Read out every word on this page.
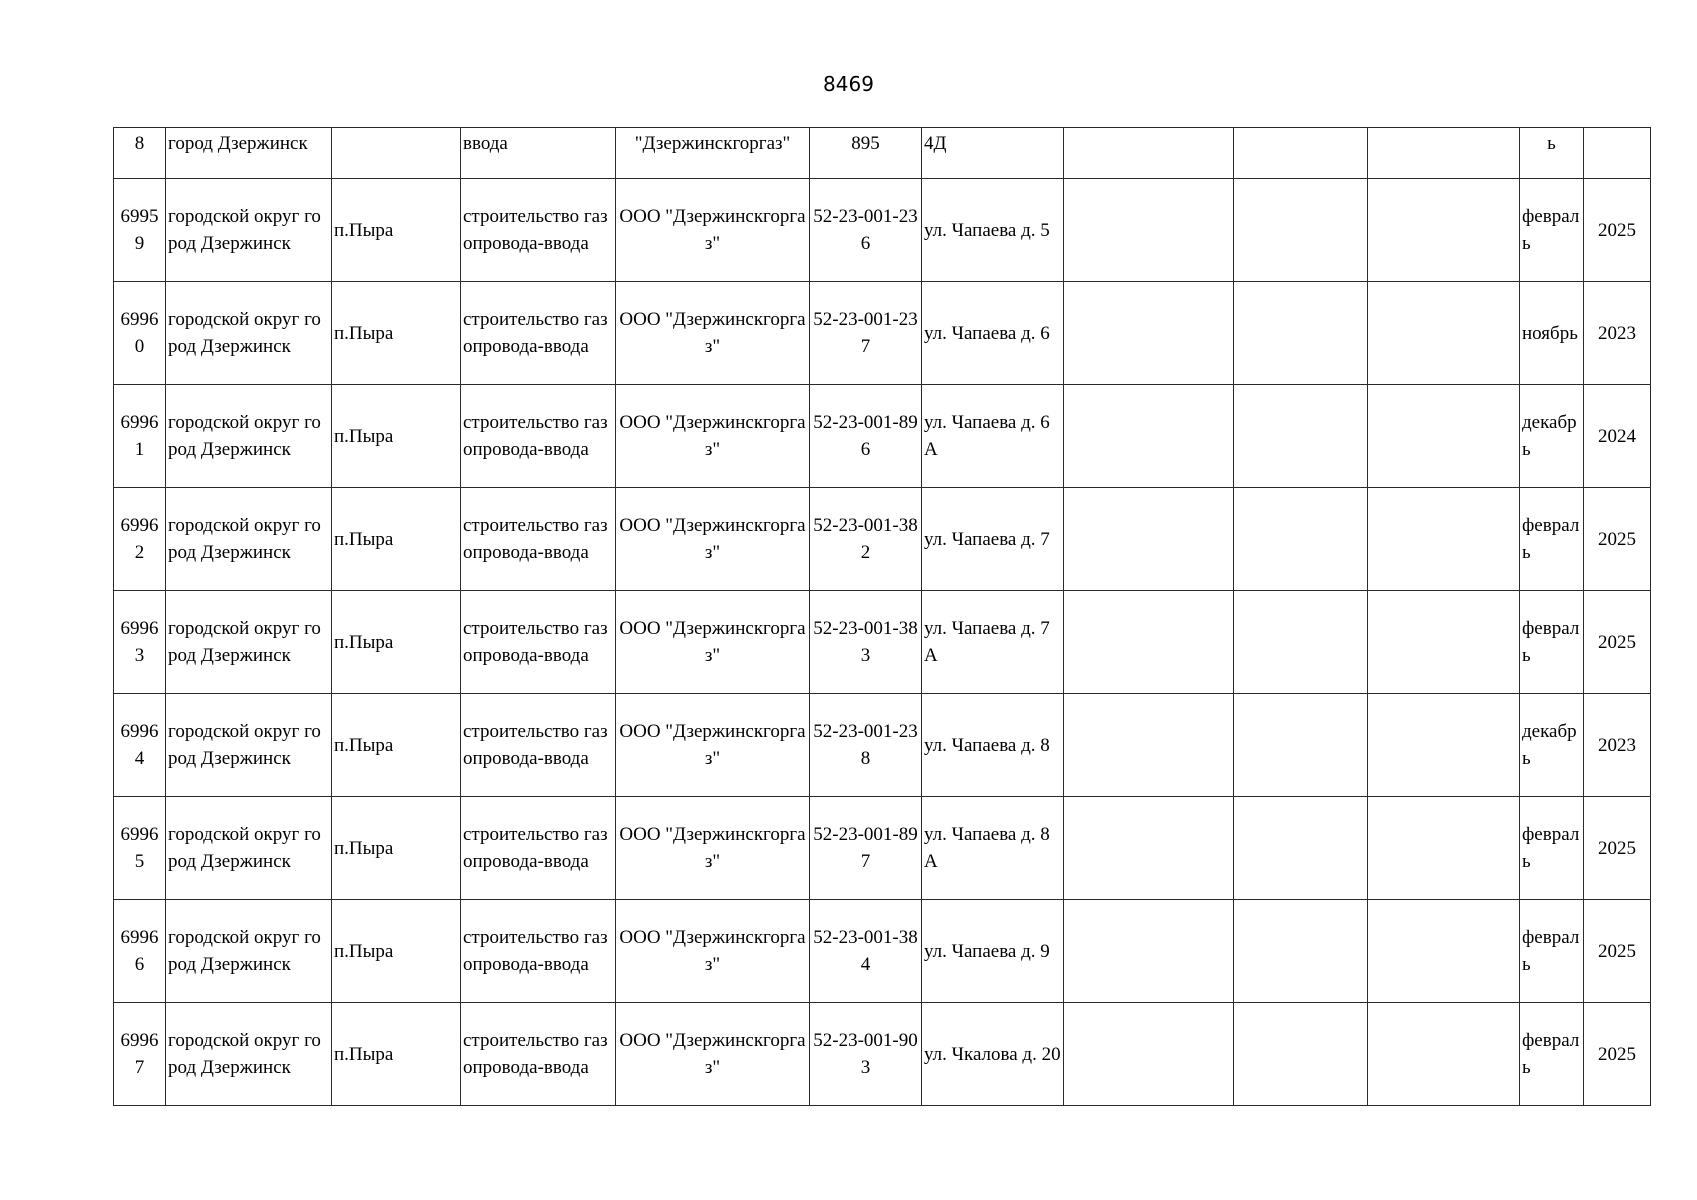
8469
8	город Дзержинск		ввода	"Дзержинскгоргаз"	895	4Д				ь	
69959	городской округ город Дзержинск	п.Пыра	строительство газопровода-ввода	ООО "Дзержинскгоргаз"	52-23-001-236	ул. Чапаева д. 5				февраль	2025
69960	городской округ город Дзержинск	п.Пыра	строительство газопровода-ввода	ООО "Дзержинскгоргаз"	52-23-001-237	ул. Чапаева д. 6				ноябрь	2023
69961	городской округ город Дзержинск	п.Пыра	строительство газопровода-ввода	ООО "Дзержинскгоргаз"	52-23-001-896	ул. Чапаева д. 6А				декабрь	2024
69962	городской округ город Дзержинск	п.Пыра	строительство газопровода-ввода	ООО "Дзержинскгоргаз"	52-23-001-382	ул. Чапаева д. 7				февраль	2025
69963	городской округ город Дзержинск	п.Пыра	строительство газопровода-ввода	ООО "Дзержинскгоргаз"	52-23-001-383	ул. Чапаева д. 7А				февраль	2025
69964	городской округ город Дзержинск	п.Пыра	строительство газопровода-ввода	ООО "Дзержинскгоргаз"	52-23-001-238	ул. Чапаева д. 8				декабрь	2023
69965	городской округ город Дзержинск	п.Пыра	строительство газопровода-ввода	ООО "Дзержинскгоргаз"	52-23-001-897	ул. Чапаева д. 8А				февраль	2025
69966	городской округ город Дзержинск	п.Пыра	строительство газопровода-ввода	ООО "Дзержинскгоргаз"	52-23-001-384	ул. Чапаева д. 9				февраль	2025
69967	городской округ город Дзержинск	п.Пыра	строительство газопровода-ввода	ООО "Дзержинскгоргаз"	52-23-001-903	ул. Чкалова д. 20				февраль	2025
